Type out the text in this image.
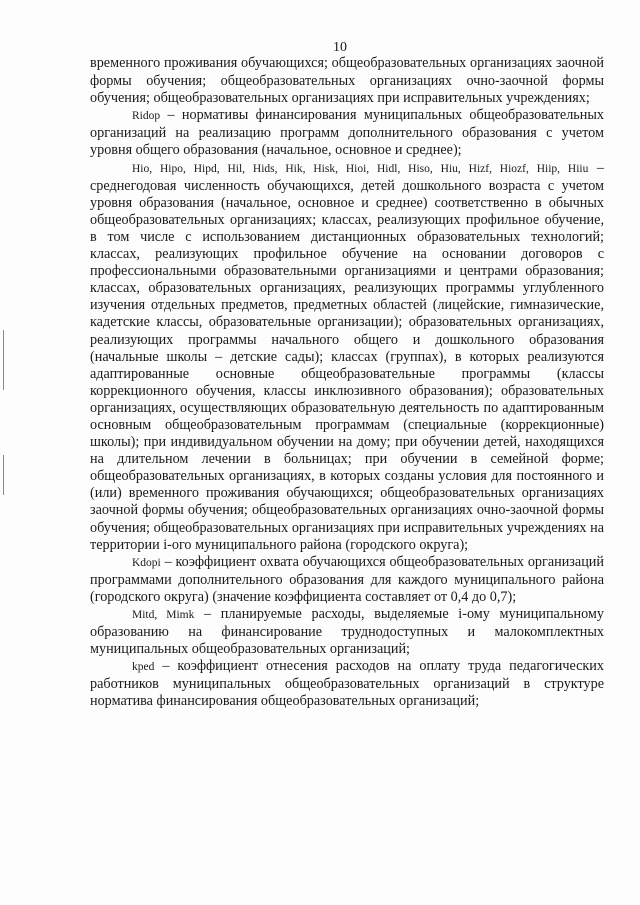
10

временного проживания обучающихся; общеобразовательных организациях заочной формы обучения; общеобразовательных организациях очно-заочной формы обучения; общеобразовательных организациях при исправительных учреждениях;

Ridop – нормативы финансирования муниципальных общеобразовательных организаций на реализацию программ дополнительного образования с учетом уровня общего образования (начальное, основное и среднее);

Hio, Hipo, Hipd, Hil, Hids, Hik, Hisk, Hioi, Hidl, Hiso, Hiu, Hizf, Hiozf, Hiip, Hiiu – среднегодовая численность обучающихся, детей дошкольного возраста с учетом уровня образования (начальное, основное и среднее) соответственно в обычных общеобразовательных организациях; классах, реализующих профильное обучение, в том числе с использованием дистанционных образовательных технологий; классах, реализующих профильное обучение на основании договоров с профессиональными образовательными организациями и центрами образования; классах, образовательных организациях, реализующих программы углубленного изучения отдельных предметов, предметных областей (лицейские, гимназические, кадетские классы, образовательные организации); образовательных организациях, реализующих программы начального общего и дошкольного образования (начальные школы – детские сады); классах (группах), в которых реализуются адаптированные основные общеобразовательные программы (классы коррекционного обучения, классы инклюзивного образования); образовательных организациях, осуществляющих образовательную деятельность по адаптированным основным общеобразовательным программам (специальные (коррекционные) школы); при индивидуальном обучении на дому; при обучении детей, находящихся на длительном лечении в больницах; при обучении в семейной форме; общеобразовательных организациях, в которых созданы условия для постоянного и (или) временного проживания обучающихся; общеобразовательных организациях заочной формы обучения; общеобразовательных организациях очно-заочной формы обучения; общеобразовательных организациях при исправительных учреждениях на территории i-ого муниципального района (городского округа);

Kdopi – коэффициент охвата обучающихся общеобразовательных организаций программами дополнительного образования для каждого муниципального района (городского округа) (значение коэффициента составляет от 0,4 до 0,7);

Mitd, Mimk – планируемые расходы, выделяемые i-ому муниципальному образованию на финансирование труднодоступных и малокомплектных муниципальных общеобразовательных организаций;

kped – коэффициент отнесения расходов на оплату труда педагогических работников муниципальных общеобразовательных организаций в структуре норматива финансирования общеобразовательных организаций;
